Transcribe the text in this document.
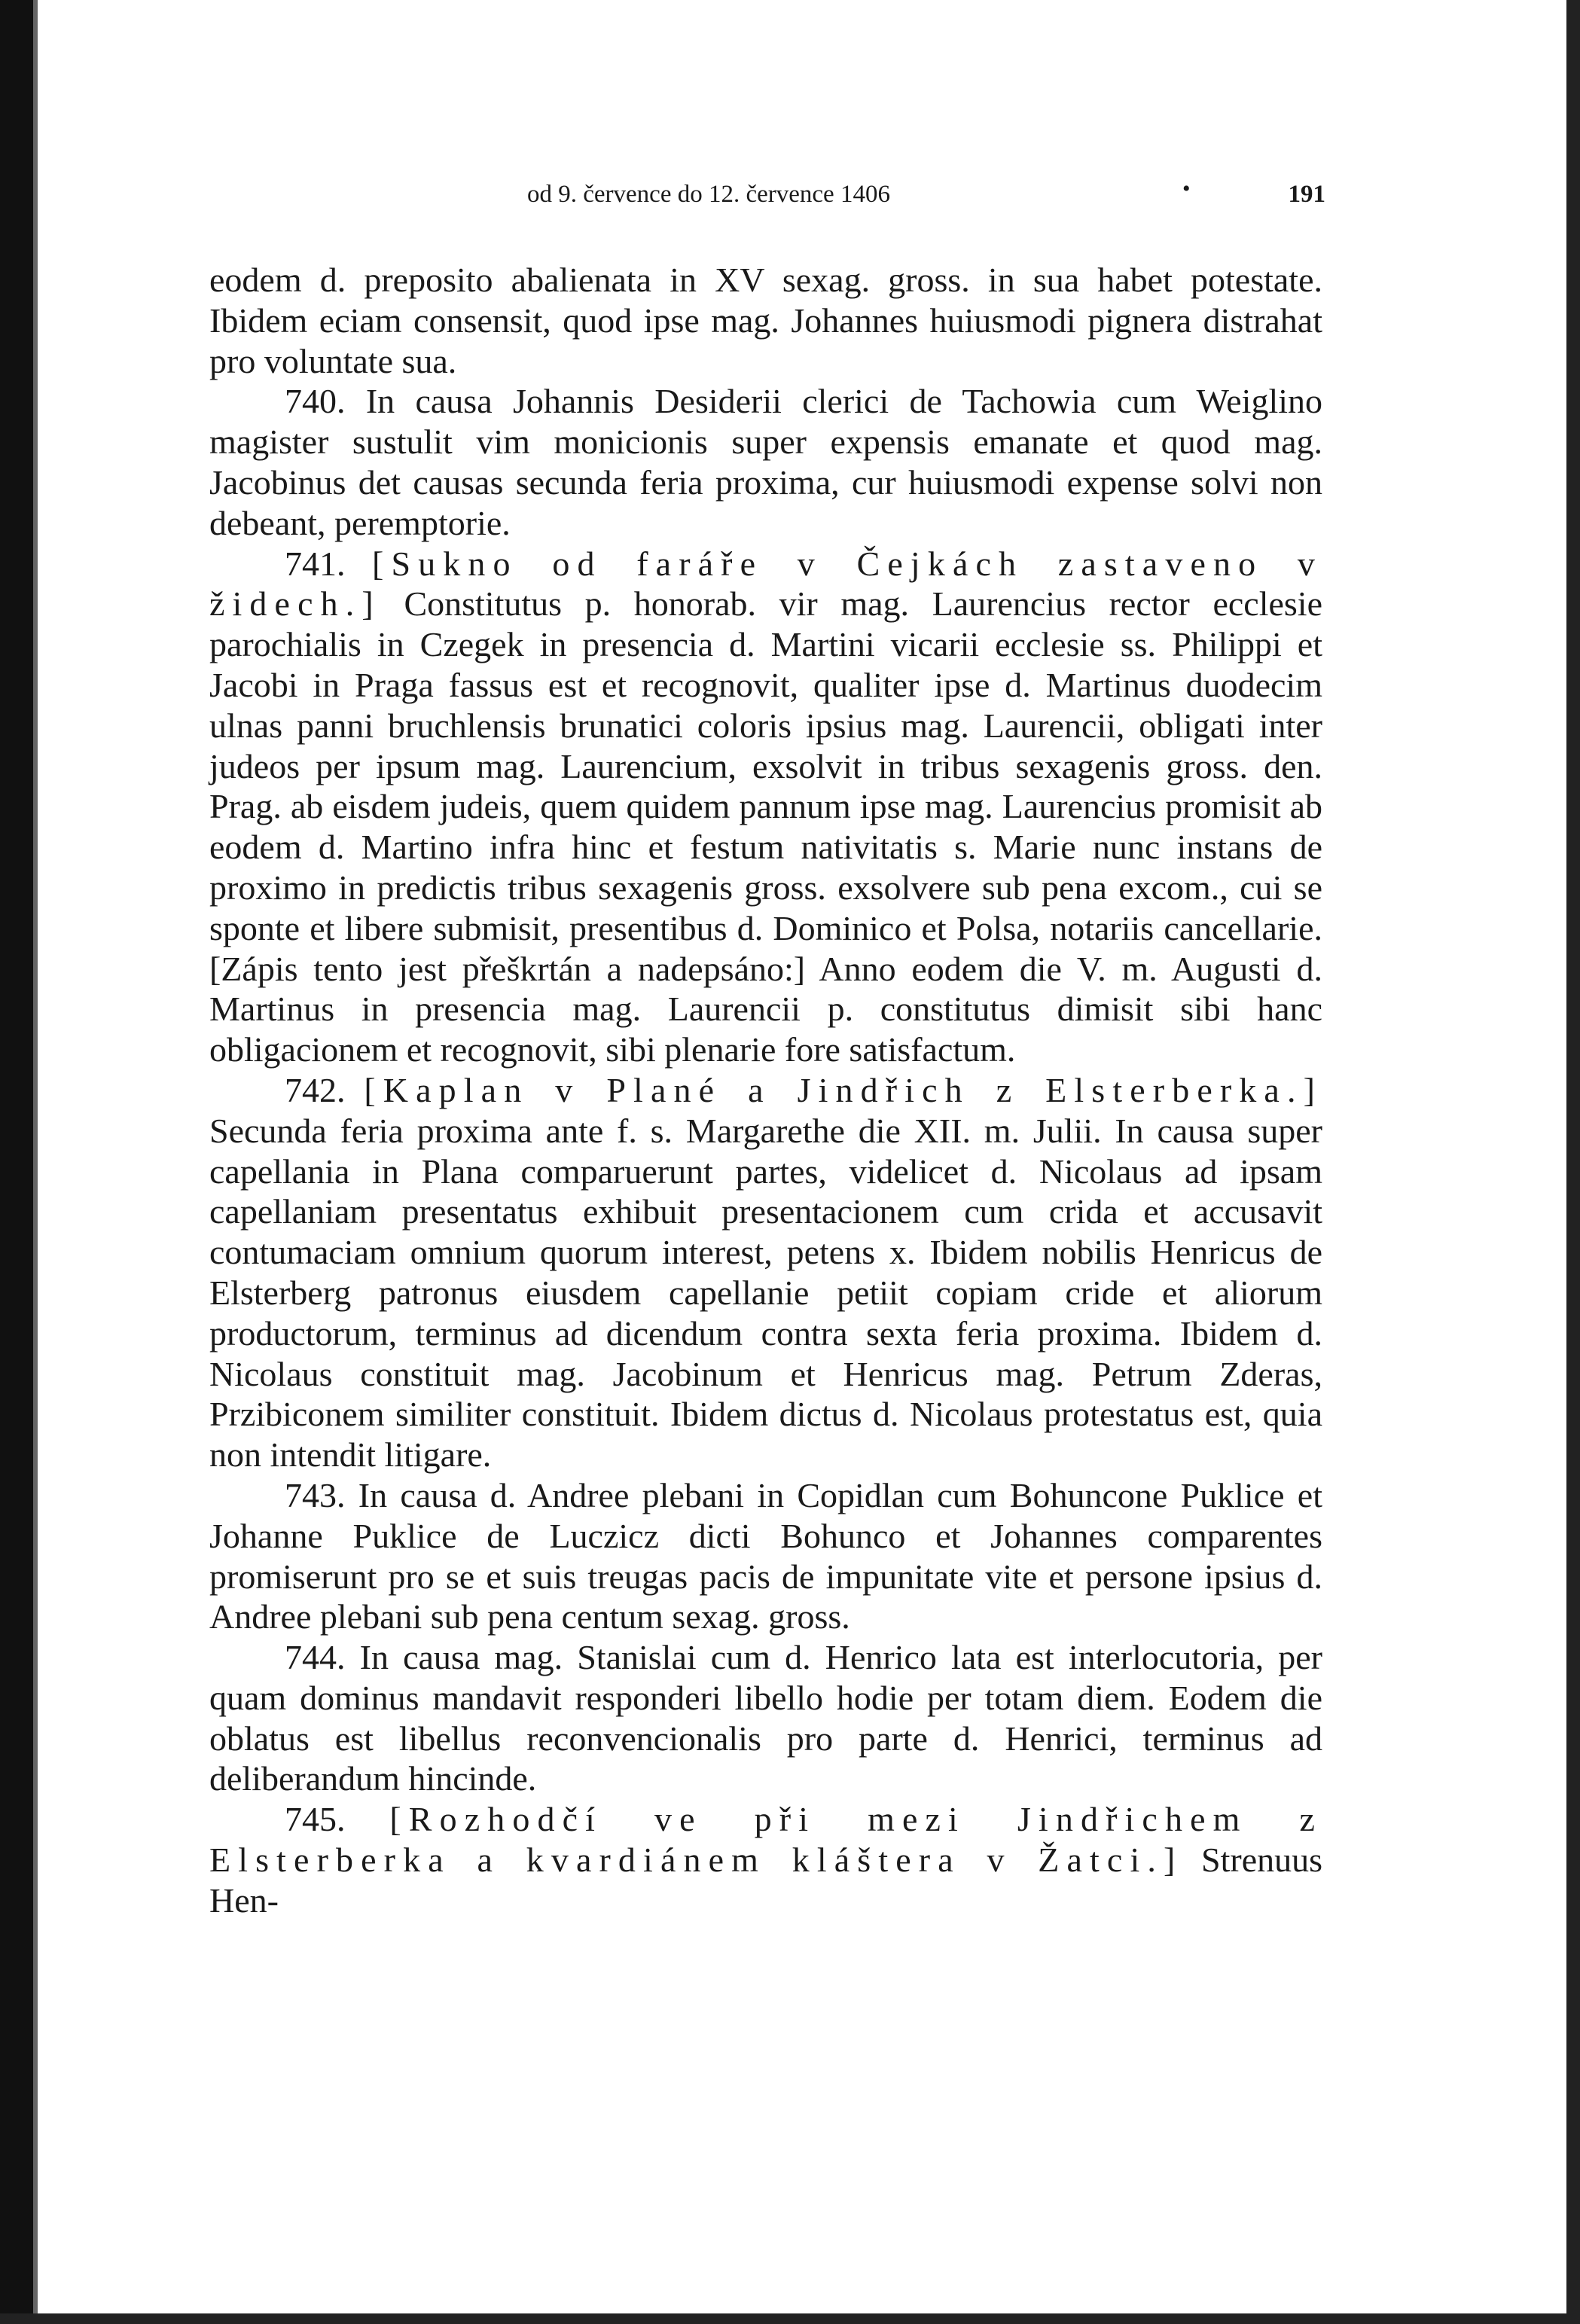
od 9. července do 12. července 1406	•	191

eodem d. preposito abalienata in XV sexag. gross. in sua habet potestate. Ibidem eciam consensit, quod ipse mag. Johannes huiusmodi pignera distrahat pro voluntate sua.

740. In causa Johannis Desiderii clerici de Tachowia cum Weiglino magister sustulit vim monicionis super expensis emanate et quod mag. Jacobinus det causas secunda feria proxima, cur huiusmodi expense solvi non debeant, peremptorie.

741. [Sukno od faráře v Čejkách zastaveno v židech.] Constitutus p. honorab. vir mag. Laurencius rector ecclesie parochialis in Czegek in presencia d. Martini vicarii ecclesie ss. Philippi et Jacobi in Praga fassus est et recognovit, qualiter ipse d. Martinus duodecim ulnas panni bruchlensis brunatici coloris ipsius mag. Laurencii, obligati inter judeos per ipsum mag. Laurencium, exsolvit in tribus sexagenis gross. den. Prag. ab eisdem judeis, quem quidem pannum ipse mag. Laurencius promisit ab eodem d. Martino infra hinc et festum nativitatis s. Marie nunc instans de proximo in predictis tribus sexagenis gross. exsolvere sub pena excom., cui se sponte et libere submisit, presentibus d. Dominico et Polsa, notariis cancellarie. [Zápis tento jest přeškrtán a nadepsáno:] Anno eodem die V. m. Augusti d. Martinus in presencia mag. Laurencii p. constitutus dimisit sibi hanc obligacionem et recognovit, sibi plenarie fore satisfactum.

742. [Kaplan v Plané a Jindřich z Elsterberka.] Secunda feria proxima ante f. s. Margarethe die XII. m. Julii. In causa super capellania in Plana comparuerunt partes, videlicet d. Nicolaus ad ipsam capellaniam presentatus exhibuit presentacionem cum crida et accusavit contumaciam omnium quorum interest, petens x. Ibidem nobilis Henricus de Elsterberg patronus eiusdem capellanie petiit copiam cride et aliorum productorum, terminus ad dicendum contra sexta feria proxima. Ibidem d. Nicolaus constituit mag. Jacobinum et Henricus mag. Petrum Zderas, Przibiconem similiter constituit. Ibidem dictus d. Nicolaus protestatus est, quia non intendit litigare.

743. In causa d. Andree plebani in Copidlan cum Bohuncone Puklice et Johanne Puklice de Luczicz dicti Bohunco et Johannes comparentes promiserunt pro se et suis treugas pacis de impunitate vite et persone ipsius d. Andree plebani sub pena centum sexag. gross.

744. In causa mag. Stanislai cum d. Henrico lata est interlocutoria, per quam dominus mandavit responderi libello hodie per totam diem. Eodem die oblatus est libellus reconvencionalis pro parte d. Henrici, terminus ad deliberandum hincinde.

745. [Rozhodčí ve při mezi Jindřichem z Elsterberka a kvardiánem kláštera v Žatci.] Strenuus Hen-
